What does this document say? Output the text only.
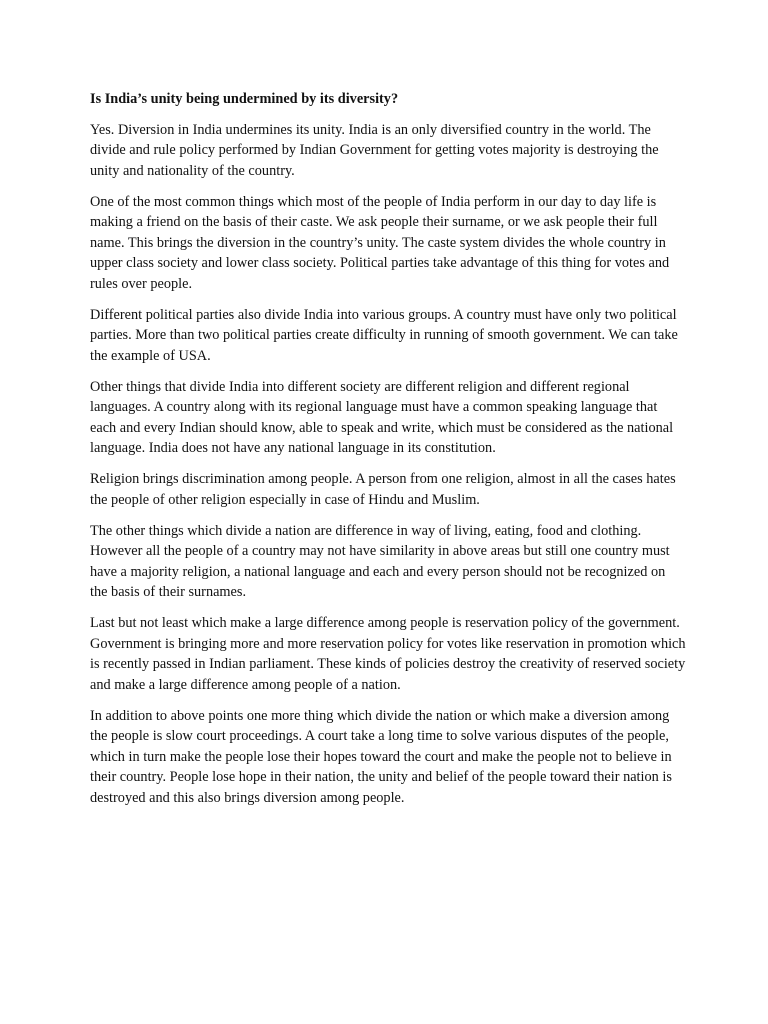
Is India’s unity being undermined by its diversity?

Yes. Diversion in India undermines its unity. India is an only diversified country in the world. The divide and rule policy performed by Indian Government for getting votes majority is destroying the unity and nationality of the country.

One of the most common things which most of the people of India perform in our day to day life is making a friend on the basis of their caste. We ask people their surname, or we ask people their full name. This brings the diversion in the country’s unity. The caste system divides the whole country in upper class society and lower class society. Political parties take advantage of this thing for votes and rules over people.

Different political parties also divide India into various groups. A country must have only two political parties. More than two political parties create difficulty in running of smooth government. We can take the example of USA.

Other things that divide India into different society are different religion and different regional languages. A country along with its regional language must have a common speaking language that each and every Indian should know, able to speak and write, which must be considered as the national language. India does not have any national language in its constitution.

Religion brings discrimination among people. A person from one religion, almost in all the cases hates the people of other religion especially in case of Hindu and Muslim.

The other things which divide a nation are difference in way of living, eating, food and clothing. However all the people of a country may not have similarity in above areas but still one country must have a majority religion, a national language and each and every person should not be recognized on the basis of their surnames.

Last but not least which make a large difference among people is reservation policy of the government. Government is bringing more and more reservation policy for votes like reservation in promotion which is recently passed in Indian parliament. These kinds of policies destroy the creativity of reserved society and make a large difference among people of a nation.

In addition to above points one more thing which divide the nation or which make a diversion among the people is slow court proceedings. A court take a long time to solve various disputes of the people, which in turn make the people lose their hopes toward the court and make the people not to believe in their country. People lose hope in their nation, the unity and belief of the people toward their nation is destroyed and this also brings diversion among people.
